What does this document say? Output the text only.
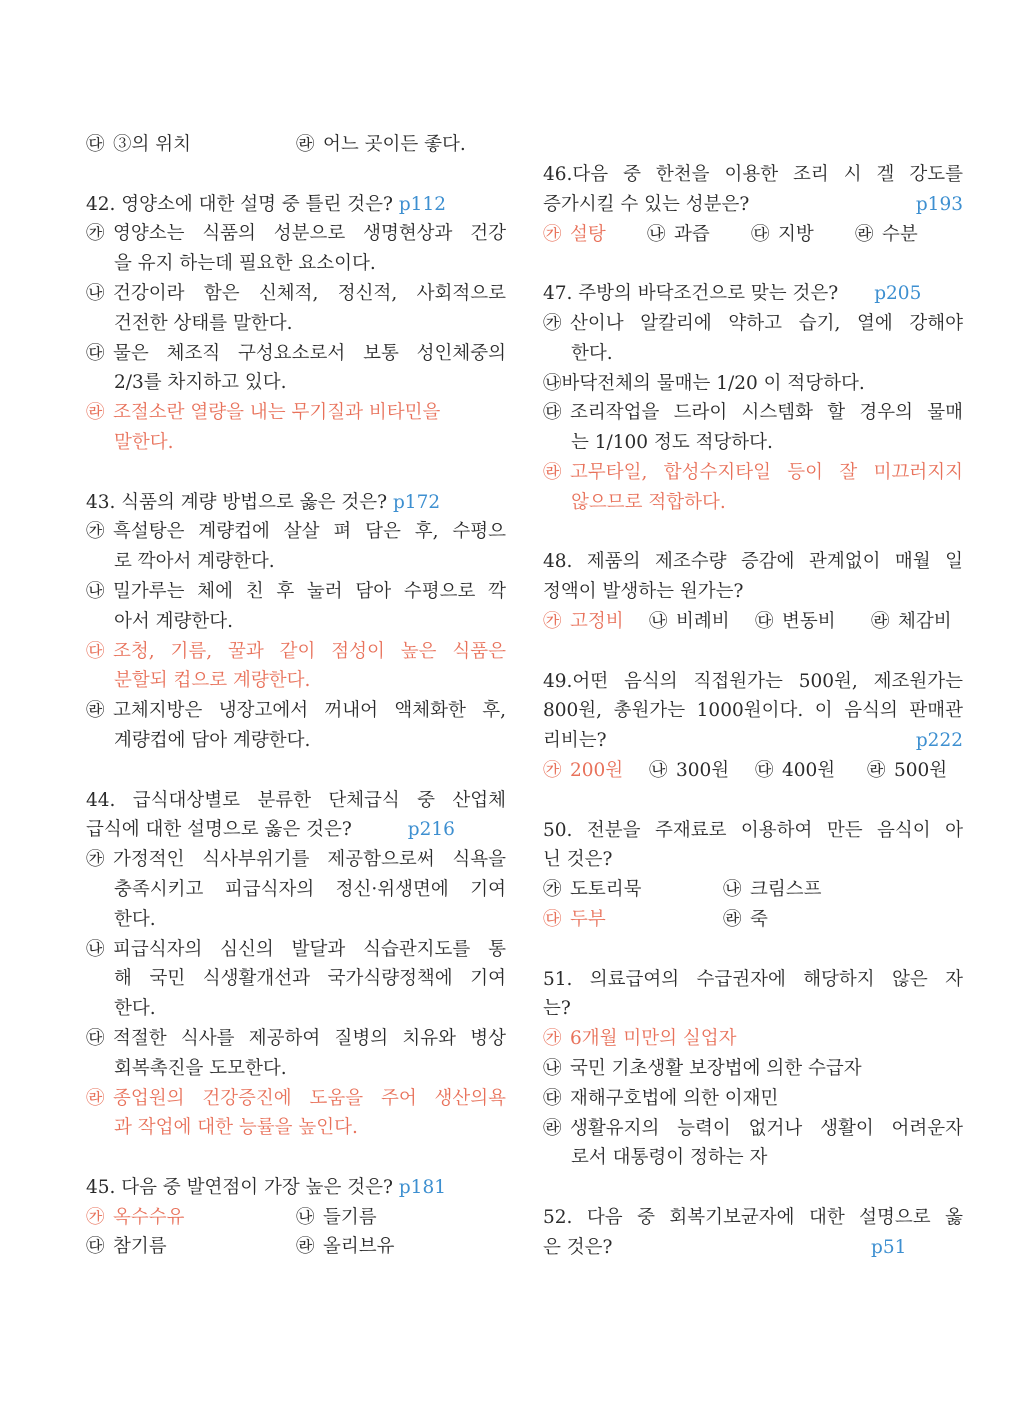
㉰ ③의 위치	㉱ 어느 곳이든 좋다.
42. 영양소에 대한 설명 중 틀린 것은? p112
㉮ 영양소는 식품의 성분으로 생명현상과 건강
을 유지 하는데 필요한 요소이다.
㉯ 건강이라 함은 신체적, 정신적, 사회적으로
건전한 상태를 말한다.
㉰ 물은 체조직 구성요소로서 보통 성인체중의
2/3를 차지하고 있다.
㉱ 조절소란 열량을 내는 무기질과 비타민을
말한다.
43. 식품의 계량 방법으로 옳은 것은? p172
㉮ 흑설탕은 계량컵에 살살 펴 담은 후, 수평으
로 깍아서 계량한다.
㉯ 밀가루는 체에 친 후 눌러 담아 수평으로 깍
아서 계량한다.
㉰ 조청, 기름, 꿀과 같이 점성이 높은 식품은
분할되 컵으로 계량한다.
㉱ 고체지방은 냉장고에서 꺼내어 액체화한 후,
계량컵에 담아 계량한다.
44. 급식대상별로 분류한 단체급식 중 산업체
급식에 대한 설명으로 옳은 것은?	p216
㉮ 가정적인 식사부위기를 제공함으로써 식욕을
충족시키고 피급식자의 정신·위생면에 기여
한다.
㉯ 피급식자의 심신의 발달과 식습관지도를 통
해 국민 식생활개선과 국가식량정책에 기여
한다.
㉰ 적절한 식사를 제공하여 질병의 치유와 병상
회복촉진을 도모한다.
㉱ 종업원의 건강증진에 도움을 주어 생산의욕
과 작업에 대한 능률을 높인다.
45. 다음 중 발연점이 가장 높은 것은? p181
㉮ 옥수수유	㉯ 들기름
㉰ 참기름	㉱ 올리브유
46.다음 중 한천을 이용한 조리 시 겔 강도를
증가시킬 수 있는 성분은?	p193
㉮ 설탕 ㉯ 과즙 ㉰ 지방 ㉱ 수분
47. 주방의 바닥조건으로 맞는 것은? p205
㉮ 산이나 알칼리에 약하고 습기, 열에 강해야
한다.
㉯바닥전체의 물매는 1/20 이 적당하다.
㉰ 조리작업을 드라이 시스템화 할 경우의 물매
는 1/100 정도 적당하다.
㉱ 고무타일, 합성수지타일 등이 잘 미끄러지지
않으므로 적합하다.
48. 제품의 제조수량 증감에 관계없이 매월 일
정액이 발생하는 원가는?
㉮ 고정비 ㉯ 비례비 ㉰ 변동비 ㉱ 체감비
49.어떤 음식의 직접원가는 500원, 제조원가는
800원, 총원가는 1000원이다. 이 음식의 판매관
리비는?	p222
㉮ 200원 ㉯ 300원 ㉰ 400원 ㉱ 500원
50. 전분을 주재료로 이용하여 만든 음식이 아
닌 것은?
㉮ 도토리묵	㉯ 크림스프
㉰ 두부	㉱ 죽
51. 의료급여의 수급권자에 해당하지 않은 자
는?
㉮ 6개월 미만의 실업자
㉯ 국민 기초생활 보장법에 의한 수급자
㉰ 재해구호법에 의한 이재민
㉱ 생활유지의 능력이 없거나 생활이 어려운자
로서 대통령이 정하는 자
52. 다음 중 회복기보균자에 대한 설명으로 옳
은 것은?	p51
